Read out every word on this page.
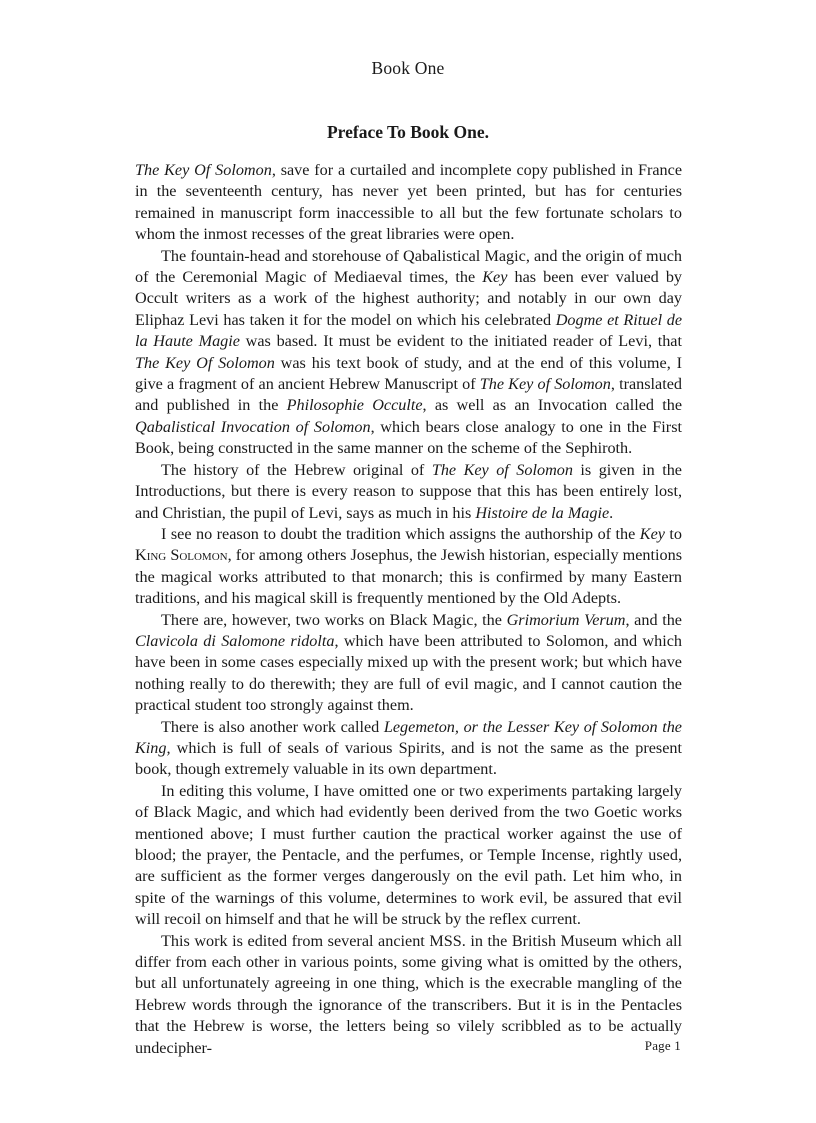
Book One
Preface To Book One.

The Key Of Solomon, save for a curtailed and incomplete copy published in France in the seventeenth century, has never yet been printed, but has for centuries remained in manuscript form inaccessible to all but the few fortunate scholars to whom the inmost recesses of the great libraries were open.

The fountain-head and storehouse of Qabalistical Magic, and the origin of much of the Ceremonial Magic of Mediaeval times, the Key has been ever valued by Occult writers as a work of the highest authority; and notably in our own day Eliphaz Levi has taken it for the model on which his celebrated Dogme et Rituel de la Haute Magie was based. It must be evident to the initiated reader of Levi, that The Key Of Solomon was his text book of study, and at the end of this volume, I give a fragment of an ancient Hebrew Manuscript of The Key of Solomon, translated and published in the Philosophie Occulte, as well as an Invocation called the Qabalistical Invocation of Solomon, which bears close analogy to one in the First Book, being constructed in the same manner on the scheme of the Sephiroth.

The history of the Hebrew original of The Key of Solomon is given in the Introductions, but there is every reason to suppose that this has been entirely lost, and Christian, the pupil of Levi, says as much in his Histoire de la Magie.

I see no reason to doubt the tradition which assigns the authorship of the Key to King Solomon, for among others Josephus, the Jewish historian, especially mentions the magical works attributed to that monarch; this is confirmed by many Eastern traditions, and his magical skill is frequently mentioned by the Old Adepts.

There are, however, two works on Black Magic, the Grimorium Verum, and the Clavicola di Salomone ridolta, which have been attributed to Solomon, and which have been in some cases especially mixed up with the present work; but which have nothing really to do therewith; they are full of evil magic, and I cannot caution the practical student too strongly against them.

There is also another work called Legemeton, or the Lesser Key of Solomon the King, which is full of seals of various Spirits, and is not the same as the present book, though extremely valuable in its own department.

In editing this volume, I have omitted one or two experiments partaking largely of Black Magic, and which had evidently been derived from the two Goetic works mentioned above; I must further caution the practical worker against the use of blood; the prayer, the Pentacle, and the perfumes, or Temple Incense, rightly used, are sufficient as the former verges dangerously on the evil path. Let him who, in spite of the warnings of this volume, determines to work evil, be assured that evil will recoil on himself and that he will be struck by the reflex current.

This work is edited from several ancient MSS. in the British Museum which all differ from each other in various points, some giving what is omitted by the others, but all unfortunately agreeing in one thing, which is the execrable mangling of the Hebrew words through the ignorance of the transcribers. But it is in the Pentacles that the Hebrew is worse, the letters being so vilely scribbled as to be actually undecipher-	Page 1
